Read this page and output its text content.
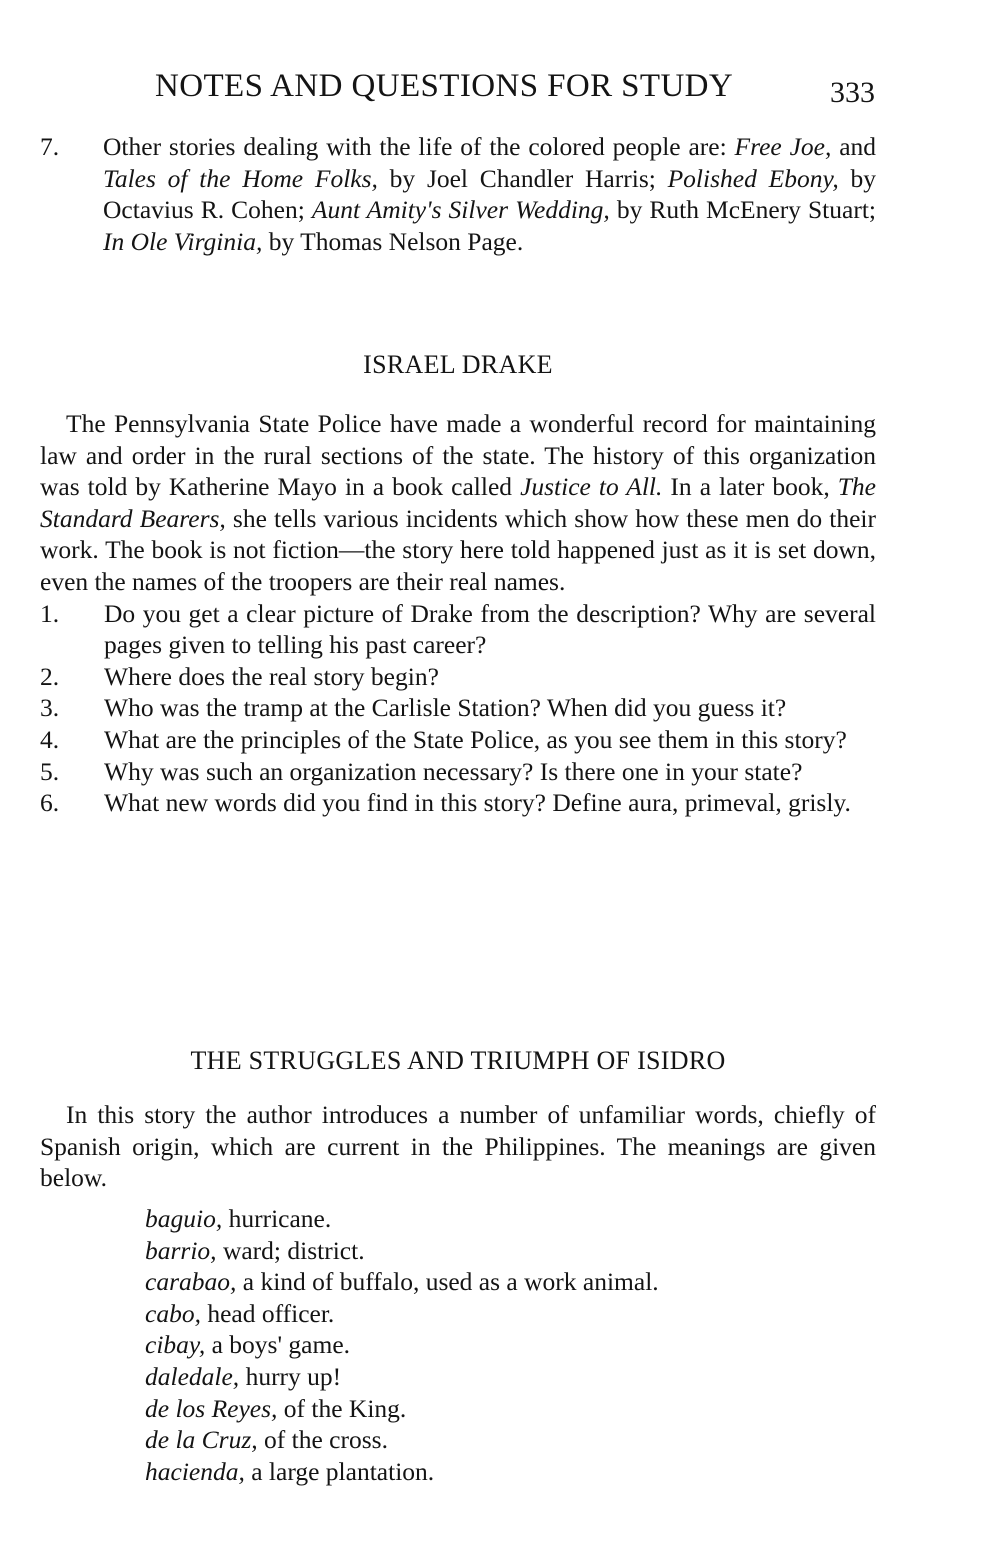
NOTES AND QUESTIONS FOR STUDY	333
7. Other stories dealing with the life of the colored people are: Free Joe, and Tales of the Home Folks, by Joel Chandler Harris; Polished Ebony, by Octavius R. Cohen; Aunt Amity's Silver Wedding, by Ruth McEnery Stuart; In Ole Virginia, by Thomas Nelson Page.
ISRAEL DRAKE

The Pennsylvania State Police have made a wonderful record for maintaining law and order in the rural sections of the state. The history of this organization was told by Katherine Mayo in a book called Justice to All. In a later book, The Standard Bearers, she tells various incidents which show how these men do their work. The book is not fiction—the story here told happened just as it is set down, even the names of the troopers are their real names.

1. Do you get a clear picture of Drake from the description? Why are several pages given to telling his past career?
2. Where does the real story begin?
3. Who was the tramp at the Carlisle Station? When did you guess it?
4. What are the principles of the State Police, as you see them in this story?
5. Why was such an organization necessary? Is there one in your state?
6. What new words did you find in this story? Define aura, primeval, grisly.
THE STRUGGLES AND TRIUMPH OF ISIDRO

In this story the author introduces a number of unfamiliar words, chiefly of Spanish origin, which are current in the Philippines. The meanings are given below.

baguio, hurricane.
barrio, ward; district.
carabao, a kind of buffalo, used as a work animal.
cabo, head officer.
cibay, a boys' game.
daledale, hurry up!
de los Reyes, of the King.
de la Cruz, of the cross.
hacienda, a large plantation.
